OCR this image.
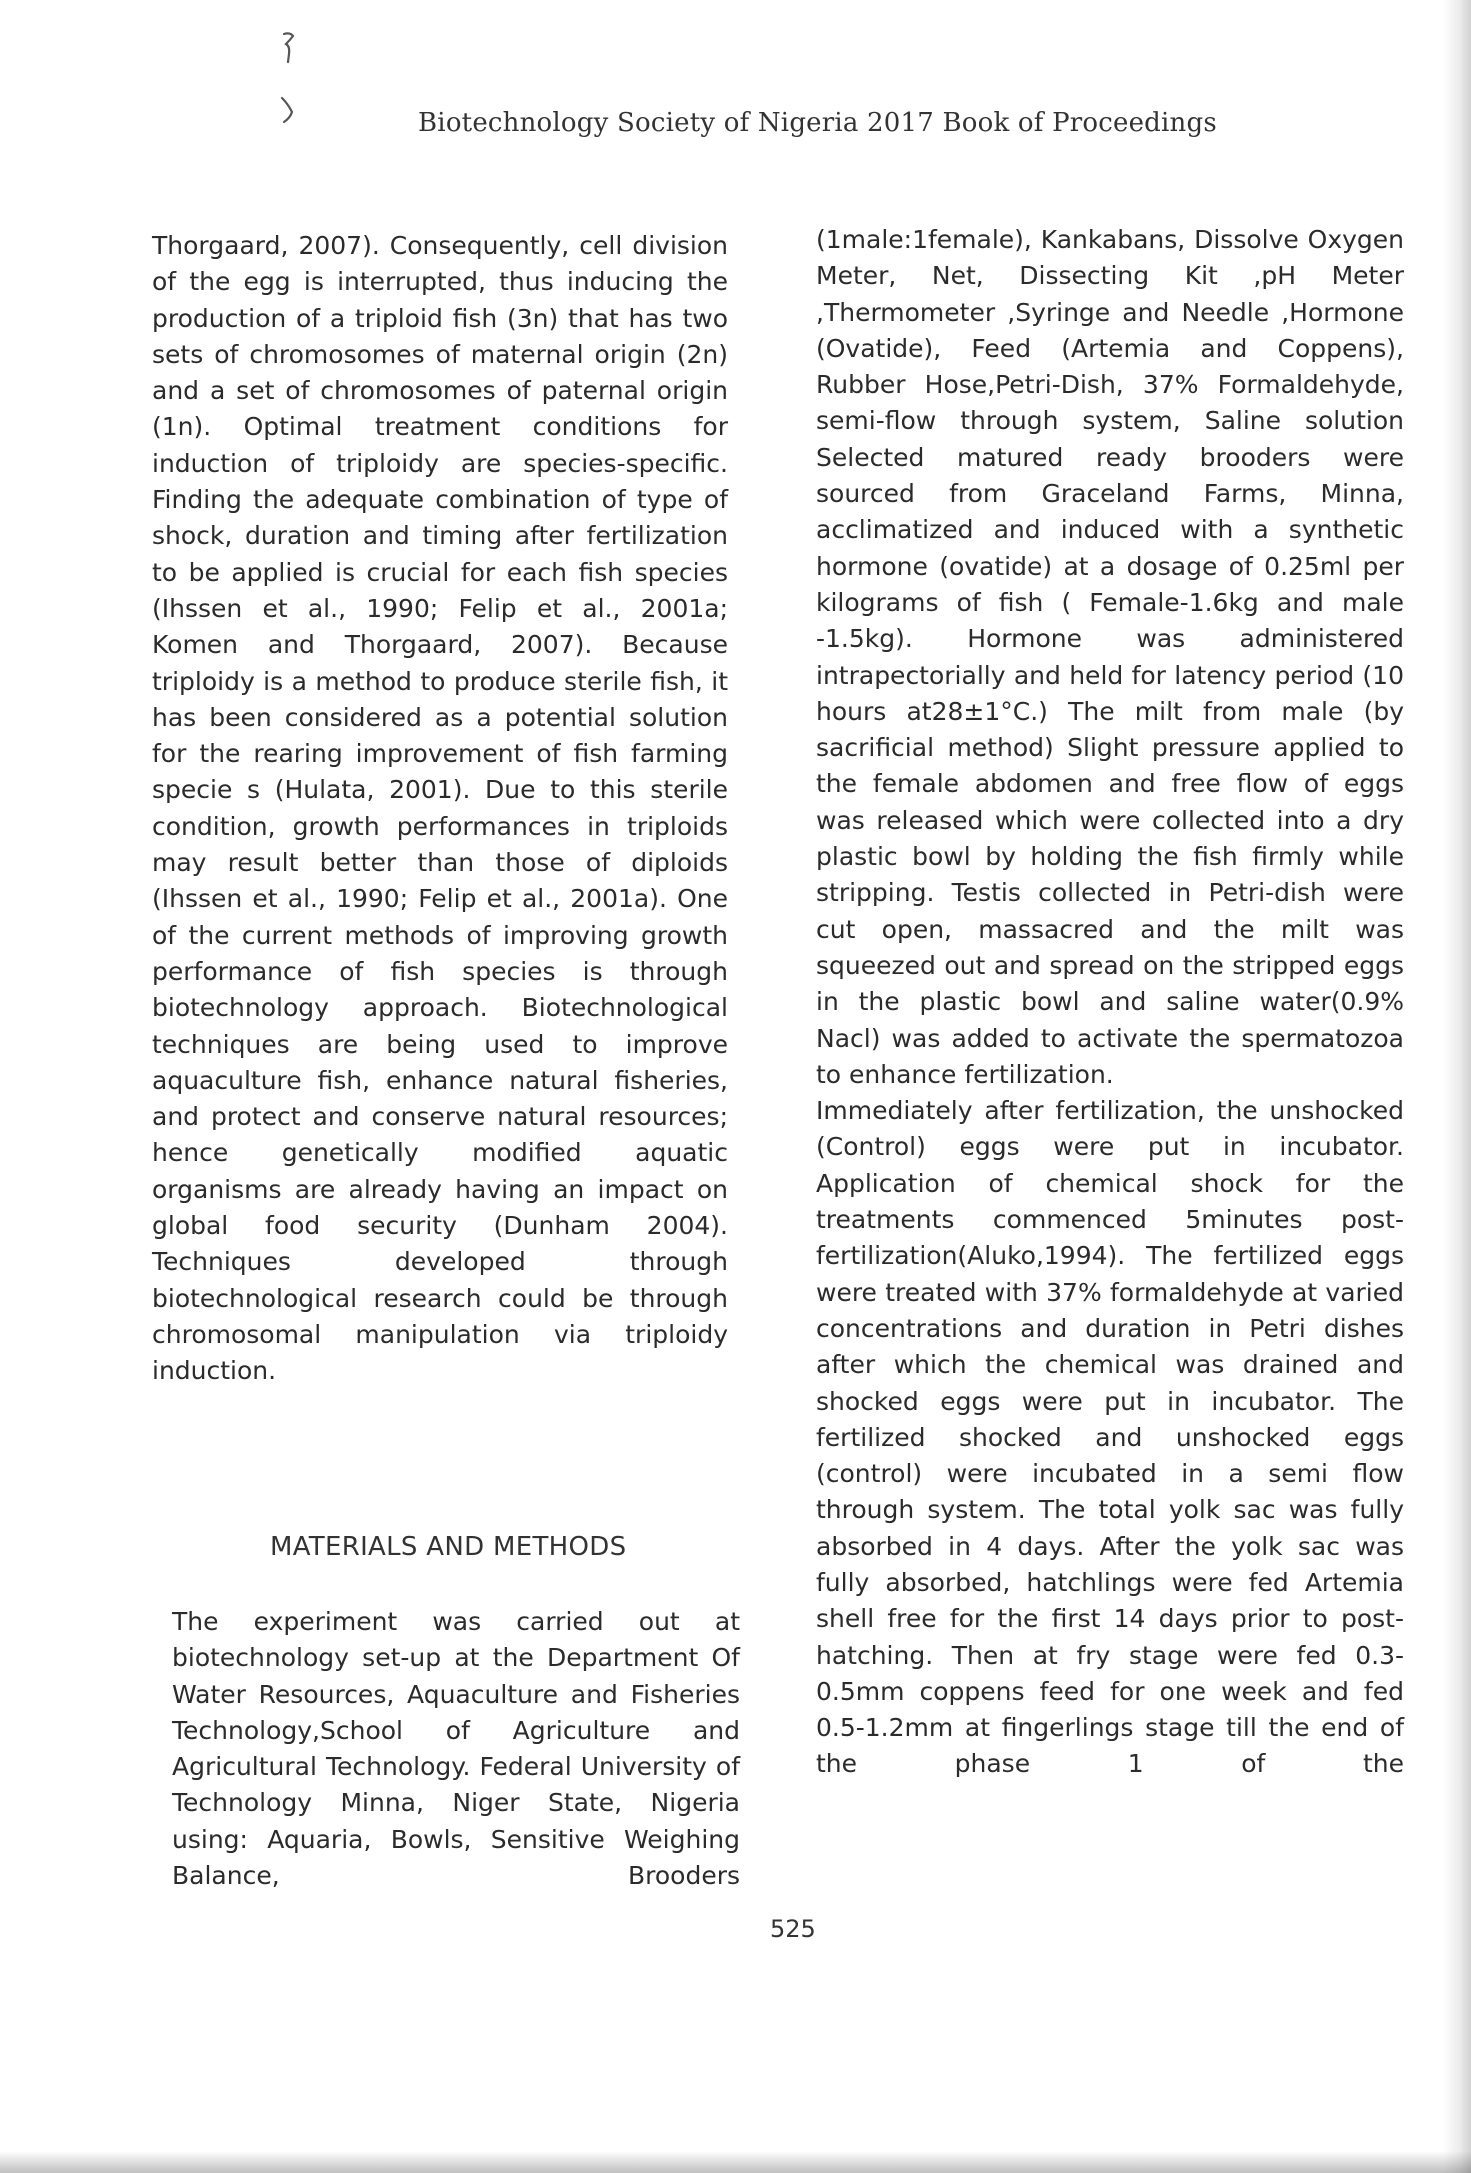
Biotechnology Society of Nigeria 2017 Book of Proceedings

Thorgaard, 2007). Consequently, cell division of the egg is interrupted, thus inducing the production of a triploid fish (3n) that has two sets of chromosomes of maternal origin (2n) and a set of chromosomes of paternal origin (1n). Optimal treatment conditions for induction of triploidy are species-specific. Finding the adequate combination of type of shock, duration and timing after fertilization to be applied is crucial for each fish species (Ihssen et al., 1990; Felip et al., 2001a; Komen and Thorgaard, 2007). Because triploidy is a method to produce sterile fish, it has been considered as a potential solution for the rearing improvement of fish farming specie s (Hulata, 2001). Due to this sterile condition, growth performances in triploids may result better than those of diploids (Ihssen et al., 1990; Felip et al., 2001a). One of the current methods of improving growth performance of fish species is through biotechnology approach. Biotechnological techniques are being used to improve aquaculture fish, enhance natural fisheries, and protect and conserve natural resources; hence genetically modified aquatic organisms are already having an impact on global food security (Dunham 2004). Techniques developed through biotechnological research could be through chromosomal manipulation via triploidy induction.

MATERIALS AND METHODS

The experiment was carried out at biotechnology set-up at the Department Of Water Resources, Aquaculture and Fisheries Technology,School of Agriculture and Agricultural Technology. Federal University of Technology Minna, Niger State, Nigeria using: Aquaria, Bowls, Sensitive Weighing Balance, Brooders

(1male:1female), Kankabans, Dissolve Oxygen Meter, Net, Dissecting Kit ,pH Meter ,Thermometer ,Syringe and Needle ,Hormone (Ovatide), Feed (Artemia and Coppens), Rubber Hose,Petri-Dish, 37% Formaldehyde, semi-flow through system, Saline solution Selected matured ready brooders were sourced from Graceland Farms, Minna, acclimatized and induced with a synthetic hormone (ovatide) at a dosage of 0.25ml per kilograms of fish ( Female-1.6kg and male -1.5kg). Hormone was administered intrapectorially and held for latency period (10 hours at28±1°C.) The milt from male (by sacrificial method) Slight pressure applied to the female abdomen and free flow of eggs was released which were collected into a dry plastic bowl by holding the fish firmly while stripping. Testis collected in Petri-dish were cut open, massacred and the milt was squeezed out and spread on the stripped eggs in the plastic bowl and saline water(0.9% Nacl) was added to activate the spermatozoa to enhance fertilization.

Immediately after fertilization, the unshocked (Control) eggs were put in incubator. Application of chemical shock for the treatments commenced 5minutes post-fertilization(Aluko,1994). The fertilized eggs were treated with 37% formaldehyde at varied concentrations and duration in Petri dishes after which the chemical was drained and shocked eggs were put in incubator. The fertilized shocked and unshocked eggs (control) were incubated in a semi flow through system. The total yolk sac was fully absorbed in 4 days. After the yolk sac was fully absorbed, hatchlings were fed Artemia shell free for the first 14 days prior to post-hatching. Then at fry stage were fed 0.3-0.5mm coppens feed for one week and fed 0.5-1.2mm at fingerlings stage till the end of the phase 1 of the

525
